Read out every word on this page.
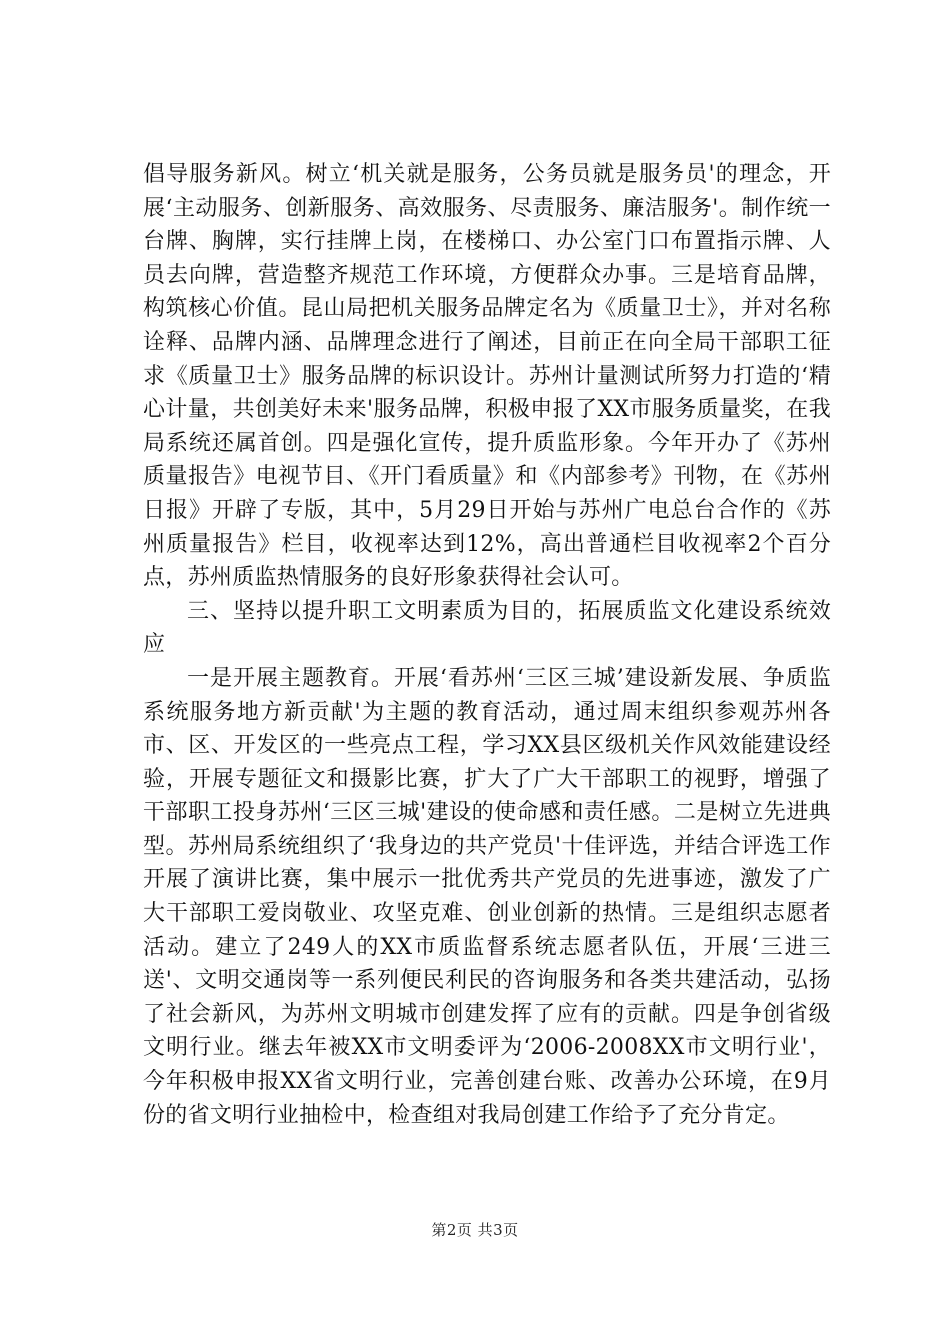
倡导服务新风。树立‘机关就是服务，公务员就是服务员'的理念，开展‘主动服务、创新服务、高效服务、尽责服务、廉洁服务'。制作统一台牌、胸牌，实行挂牌上岗，在楼梯口、办公室门口布置指示牌、人员去向牌，营造整齐规范工作环境，方便群众办事。三是培育品牌，构筑核心价值。昆山局把机关服务品牌定名为《质量卫士》，并对名称诠释、品牌内涵、品牌理念进行了阐述，目前正在向全局干部职工征求《质量卫士》服务品牌的标识设计。苏州计量测试所努力打造的‘精心计量，共创美好未来'服务品牌，积极申报了XX市服务质量奖，在我局系统还属首创。四是强化宣传，提升质监形象。今年开办了《苏州质量报告》电视节目、《开门看质量》和《内部参考》刊物，在《苏州日报》开辟了专版，其中，5月29日开始与苏州广电总台合作的《苏州质量报告》栏目，收视率达到12%，高出普通栏目收视率2个百分点，苏州质监热情服务的良好形象获得社会认可。

三、坚持以提升职工文明素质为目的，拓展质监文化建设系统效应

一是开展主题教育。开展‘看苏州‘三区三城’建设新发展、争质监系统服务地方新贡献'为主题的教育活动，通过周末组织参观苏州各市、区、开发区的一些亮点工程，学习XX县区级机关作风效能建设经验，开展专题征文和摄影比赛，扩大了广大干部职工的视野，增强了干部职工投身苏州‘三区三城'建设的使命感和责任感。二是树立先进典型。苏州局系统组织了‘我身边的共产党员'十佳评选，并结合评选工作开展了演讲比赛，集中展示一批优秀共产党员的先进事迹，激发了广大干部职工爱岗敬业、攻坚克难、创业创新的热情。三是组织志愿者活动。建立了249人的XX市质监督系统志愿者队伍，开展‘三进三送'、文明交通岗等一系列便民利民的咨询服务和各类共建活动，弘扬了社会新风，为苏州文明城市创建发挥了应有的贡献。四是争创省级文明行业。继去年被XX市文明委评为‘2006-2008XX市文明行业'，今年积极申报XX省文明行业，完善创建台账、改善办公环境，在9月份的省文明行业抽检中，检查组对我局创建工作给予了充分肯定。

第2页 共3页
